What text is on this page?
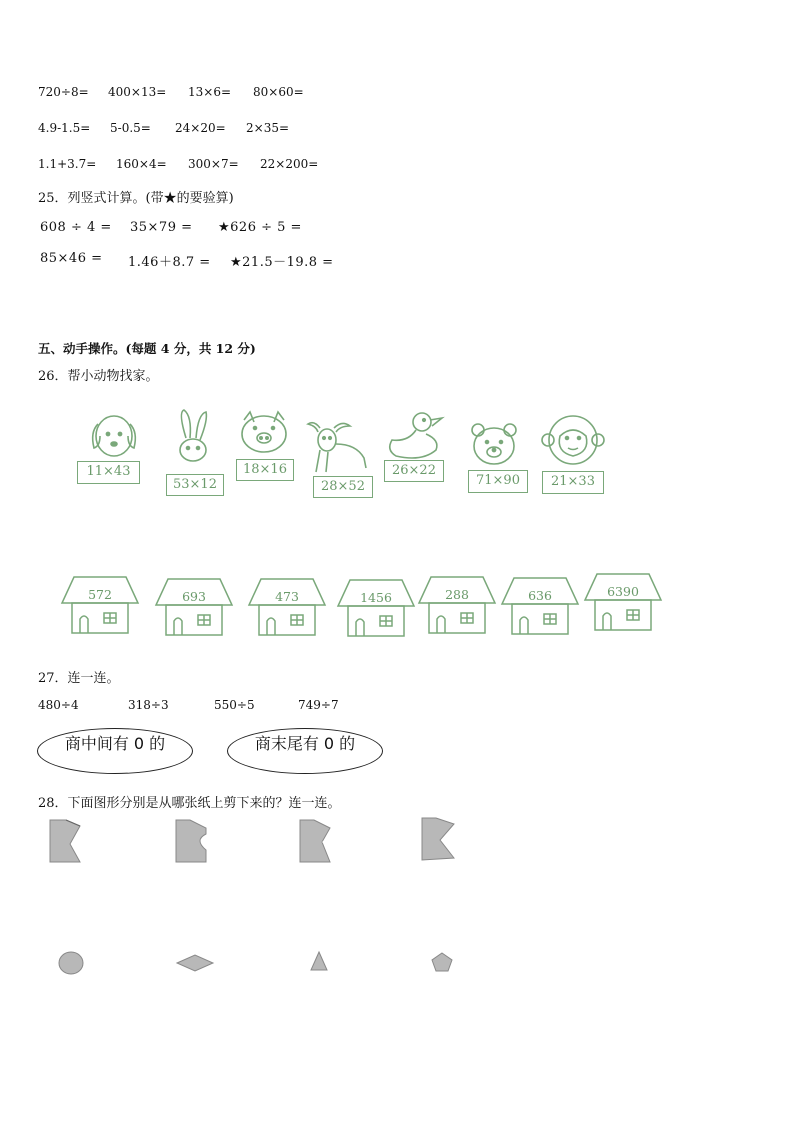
720÷8= 400×13= 13×6= 80×60=
4.9-1.5= 5-0.5= 24×20= 2×35=
1.1+3.7= 160×4= 300×7= 22×200=
25．列竖式计算。(带★的要验算)
608 ÷ 4 = 35×79 = ★626 ÷ 5 =
85×46 = 1.46＋8.7 = ★21.5－19.8 =
五、动手操作。(每题 4 分，共 12 分)
26．帮小动物找家。
11×43
53×12
18×16
28×52
26×22
71×90	21×33
572	693	473	1456	288	636	6390
27．连一连。
480÷4	318÷3	550÷5	749÷7
商中间有 0 的	商末尾有 0 的
28．下面图形分别是从哪张纸上剪下来的？连一连。
